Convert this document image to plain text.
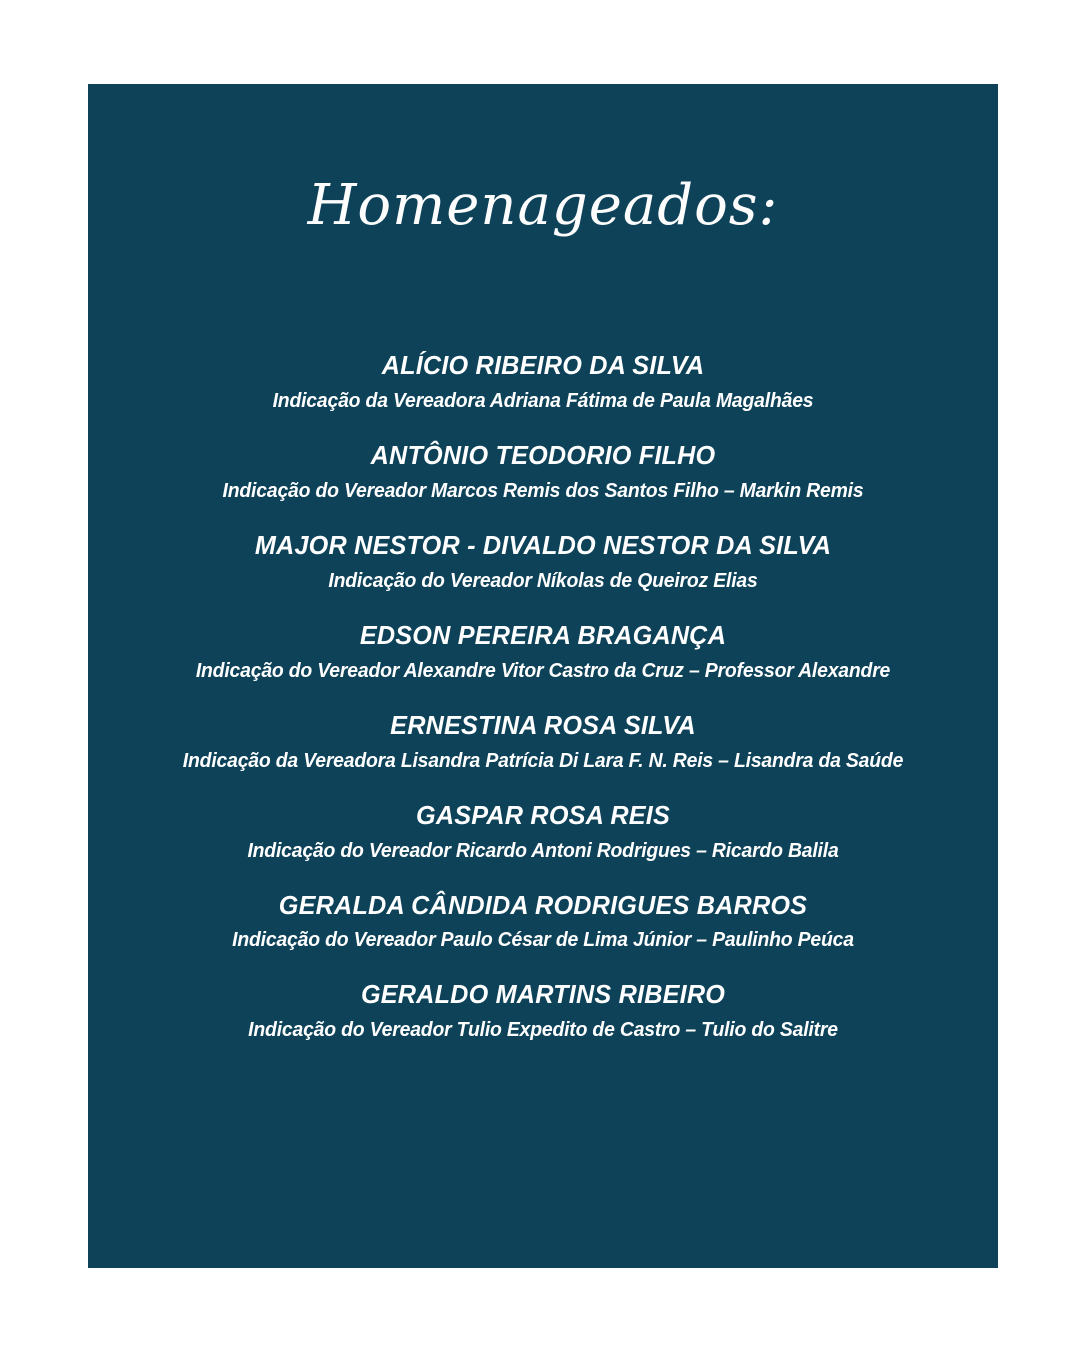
Homenageados:
ALÍCIO RIBEIRO DA SILVA
Indicação da Vereadora Adriana Fátima de Paula Magalhães
ANTÔNIO TEODORIO FILHO
Indicação do Vereador Marcos Remis dos Santos Filho – Markin Remis
MAJOR NESTOR - DIVALDO NESTOR DA SILVA
Indicação do Vereador Níkolas de Queiroz Elias
EDSON PEREIRA BRAGANÇA
Indicação do Vereador Alexandre Vitor Castro da Cruz – Professor Alexandre
ERNESTINA ROSA SILVA
Indicação da Vereadora Lisandra Patrícia Di Lara F. N. Reis – Lisandra da Saúde
GASPAR ROSA REIS
Indicação do Vereador Ricardo Antoni Rodrigues – Ricardo Balila
GERALDA CÂNDIDA RODRIGUES BARROS
Indicação do Vereador Paulo César de Lima Júnior – Paulinho Peúca
GERALDO MARTINS RIBEIRO
Indicação do Vereador Tulio Expedito de Castro – Tulio do Salitre
